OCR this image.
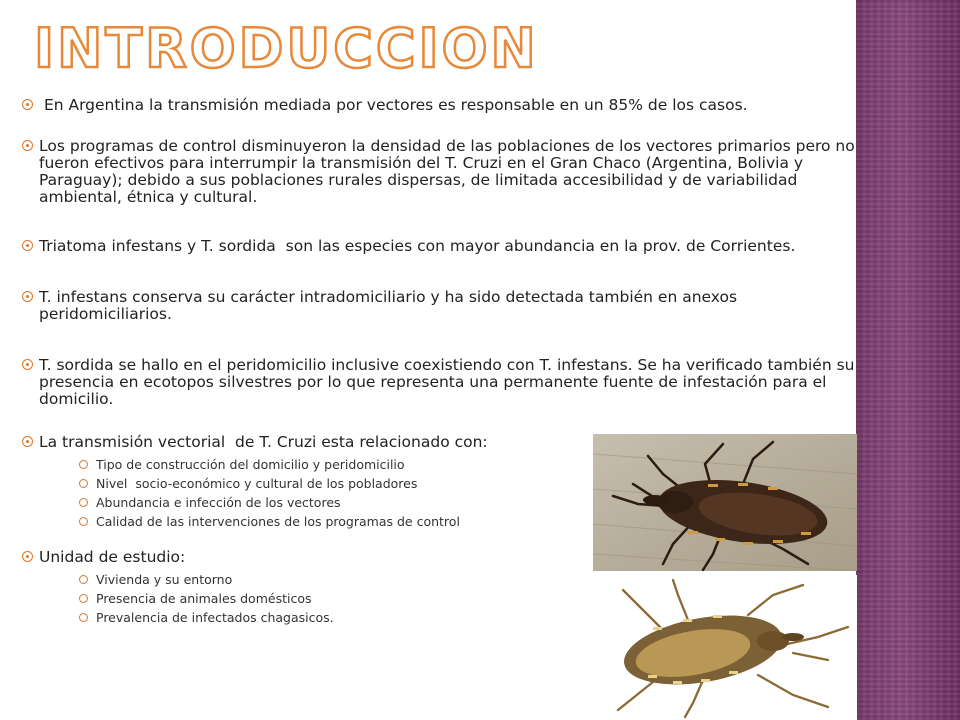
INTRODUCCION
En Argentina la transmisión mediada por vectores es responsable en un 85% de los casos.
Los programas de control disminuyeron la densidad de las poblaciones de los vectores primarios pero no fueron efectivos para interrumpir la transmisión del T. Cruzi en el Gran Chaco (Argentina, Bolivia y Paraguay); debido a sus poblaciones rurales dispersas, de limitada accesibilidad y de variabilidad ambiental, étnica y cultural.
Triatoma infestans y T. sordida  son las especies con mayor abundancia en la prov. de Corrientes.
T. infestans conserva su carácter intradomiciliario y ha sido detectada también en anexos peridomiciliarios.
T. sordida se hallo en el peridomicilio inclusive coexistiendo con T. infestans. Se ha verificado también su presencia en ecotopos silvestres por lo que representa una permanente fuente de infestación para el domicilio.
La transmisión vectorial  de T. Cruzi esta relacionado con:
Tipo de construcción del domicilio y peridomicilio
Nivel  socio-económico y cultural de los pobladores
Abundancia e infección de los vectores
Calidad de las intervenciones de los programas de control
Unidad de estudio:
Vivienda y su entorno
Presencia de animales domésticos
Prevalencia de infectados chagasicos.
